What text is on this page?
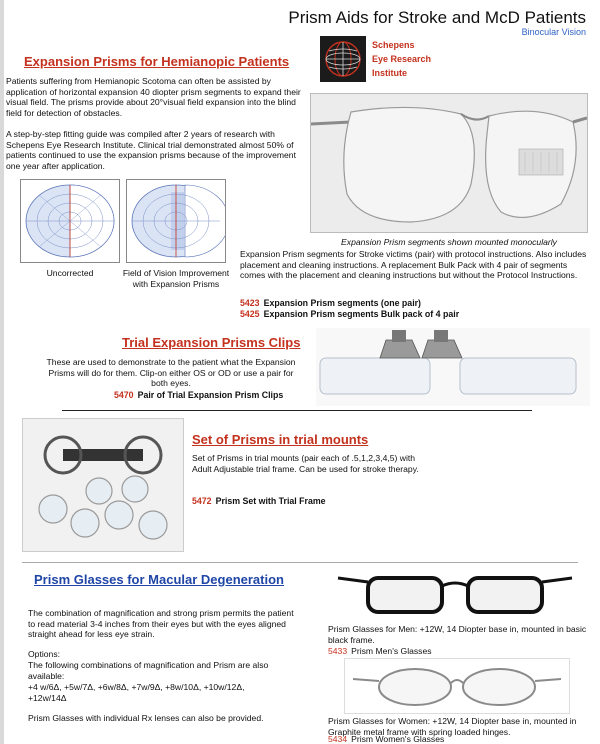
Prism Aids for Stroke and McD Patients
Binocular Vision
Schepens
Eye Research
Institute
Expansion Prisms for Hemianopic Patients
Patients suffering from Hemianopic Scotoma can often be assisted by application of horizontal expansion 40 diopter prism segments to expand their visual field. The prisms provide about 20°visual field expansion into the blind field for detection of obstacles.
A step-by-step fitting guide was compiled after 2 years of research with Schepens Eye Research Institute. Clinical trial demonstrated almost 50% of patients continued to use the expansion prisms because of the improvement one year after application.
Uncorrected	Field of Vision Improvement with Expansion Prisms
Expansion Prism segments shown mounted monocularly
Expansion Prism segments for Stroke victims (pair) with protocol instructions. Also includes placement and cleaning instructions. A replacement Bulk Pack with 4 pair of segments comes with the placement and cleaning instructions but without the Protocol Instructions.
5423 Expansion Prism segments (one pair)
5425 Expansion Prism segments Bulk pack of 4 pair
Trial Expansion Prisms Clips
These are used to demonstrate to the patient what the Expansion Prisms will do for them. Clip-on either OS or OD or use a pair for both eyes.
5470 Pair of Trial Expansion Prism Clips
Set of Prisms in trial mounts
Set of Prisms in trial mounts (pair each of .5,1,2,3,4,5) with Adult Adjustable trial frame. Can be used for stroke therapy.
5472 Prism Set with Trial Frame
Prism Glasses for Macular Degeneration
The combination of magnification and strong prism permits the patient to read material 3-4 inches from their eyes but with the eyes aligned straight ahead for less eye strain.
Options:
The following combinations of magnification and Prism are also available:
+4 w/6Δ, +5w/7Δ, +6w/8Δ, +7w/9Δ, +8w/10Δ, +10w/12Δ, +12w/14Δ
Prism Glasses with individual Rx lenses can also be provided.
Prism Glasses for Men: +12W, 14 Diopter base in, mounted in basic black frame.
5433 Prism Men's Glasses
Prism Glasses for Women: +12W, 14 Diopter base in, mounted in Graphite metal frame with spring loaded hinges.
5434 Prism Women's Glasses
